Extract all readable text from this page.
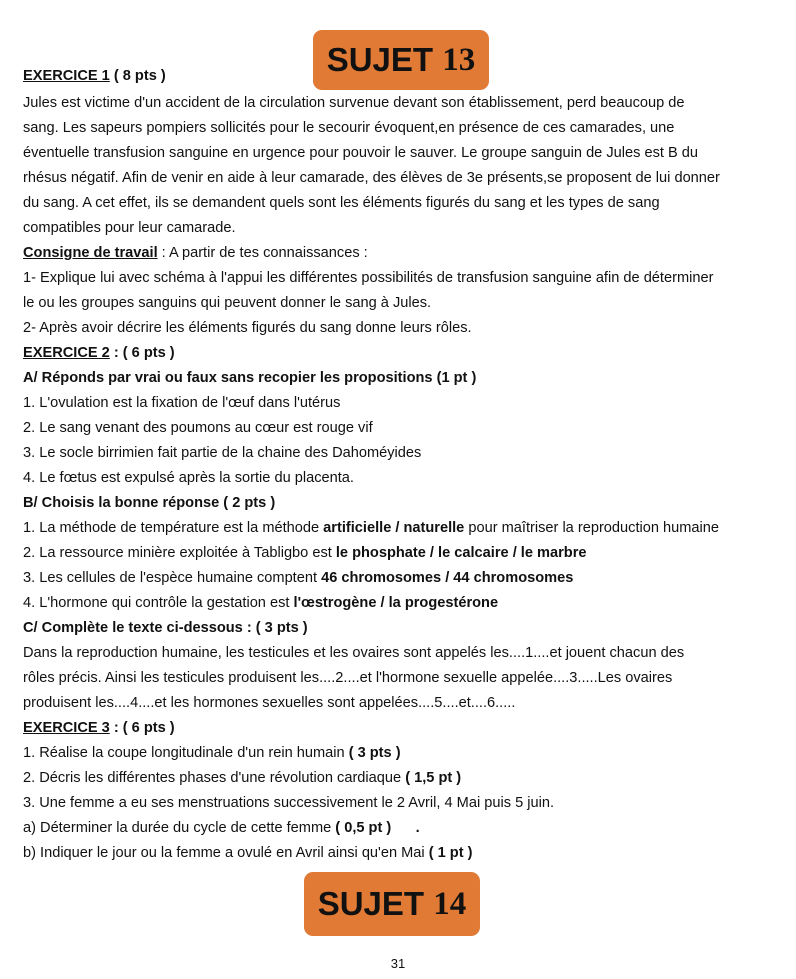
SUJET
13
EXERCICE 1 ( 8 pts )
Jules est victime d'un accident de la circulation survenue devant son établissement, perd beaucoup de
sang. Les sapeurs pompiers sollicités pour le secourir évoquent,en présence de ces camarades, une
éventuelle transfusion sanguine en urgence pour pouvoir le sauver. Le groupe sanguin de Jules est B du
rhésus négatif. Afin de venir en aide à leur camarade, des élèves de 3e présents,se proposent de lui donner
du sang. A cet effet, ils se demandent quels sont les éléments figurés du sang et les types de sang
compatibles pour leur camarade.
Consigne de travail : A partir de tes connaissances :
1- Explique lui avec schéma à l'appui les différentes possibilités de transfusion sanguine afin de déterminer
le ou les groupes sanguins qui peuvent donner le sang à Jules.
2- Après avoir décrire les éléments figurés du sang donne leurs rôles.
EXERCICE 2 : ( 6 pts )
A/ Réponds par vrai ou faux sans recopier les propositions (1 pt )
1. L'ovulation est la fixation de l'œuf dans l'utérus
2. Le sang venant des poumons au cœur est rouge vif
3. Le socle birrimien fait partie de la chaine des Dahoméyides
4. Le fœtus est expulsé après la sortie du placenta.
B/ Choisis la bonne réponse ( 2 pts )
1. La méthode de température est la méthode artificielle / naturelle pour maîtriser la reproduction humaine
2. La ressource minière exploitée à Tabligbo est le phosphate / le calcaire / le marbre
3. Les cellules de l'espèce humaine comptent 46 chromosomes / 44 chromosomes
4. L'hormone qui contrôle la gestation est l'œstrogène / la progestérone
C/ Complète le texte ci-dessous : ( 3 pts )
Dans la reproduction humaine, les testicules et les ovaires sont appelés les....1....et jouent chacun des
rôles précis. Ainsi les testicules produisent les....2....et l'hormone sexuelle appelée....3.....Les ovaires
produisent les....4....et les hormones sexuelles sont appelées....5....et....6.....
EXERCICE 3 : ( 6 pts )
1. Réalise la coupe longitudinale d'un rein humain ( 3 pts )
2. Décris les différentes phases d'une révolution cardiaque ( 1,5 pt )
3. Une femme a eu ses menstruations successivement le 2 Avril, 4 Mai puis 5 juin.
a) Déterminer la durée du cycle de cette femme ( 0,5 pt )      .
b) Indiquer le jour ou la femme a ovulé en Avril ainsi qu'en Mai ( 1 pt )
SUJET
14
31
